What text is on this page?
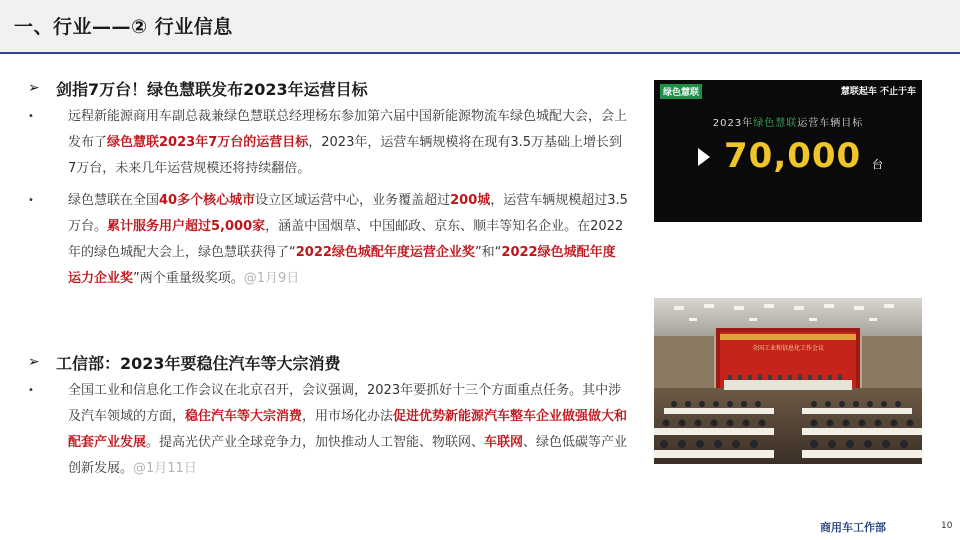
一、行业——② 行业信息
➢ 剑指7万台！绿色慧联发布2023年运营目标
•	远程新能源商用车副总裁兼绿色慧联总经理杨东参加第六届中国新能源物流车绿色城配大会，会上发布了绿色慧联2023年7万台的运营目标，2023年，运营车辆规模将在现有3.5万基础上增长到7万台，未来几年运营规模还将持续翻倍。
•	绿色慧联在全国40多个核心城市设立区域运营中心，业务覆盖超过200城，运营车辆规模超过3.5万台。累计服务用户超过5,000家，涵盖中国烟草、中国邮政、京东、顺丰等知名企业。在2022年的绿色城配大会上，绿色慧联获得了“2022绿色城配年度运营企业奖”和“2022绿色城配年度运力企业奖”两个重量级奖项。@1月9日
➢ 工信部：2023年要稳住汽车等大宗消费
•	全国工业和信息化工作会议在北京召开，会议强调，2023年要抓好十三个方面重点任务。其中涉及汽车领域的方面，稳住汽车等大宗消费，用市场化办法促进优势新能源汽车整车企业做强做大和配套产业发展。提高光伏产业全球竞争力，加快推动人工智能、物联网、车联网、绿色低碳等产业创新发展。@1月11日
绿色慧联	慧联起车 不止于车
2023年绿色慧联运营车辆目标
70,000 台
全国工业和信息化工作会议
商用车工作部	10
